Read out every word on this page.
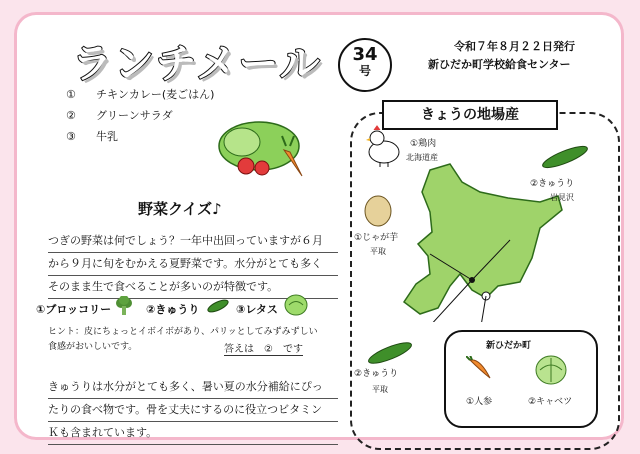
ランチメール	34
号
令和７年８月２２日発行
新ひだか町学校給食センター
① チキンカレー(麦ごはん)
② グリーンサラダ
③ 牛乳
野菜クイズ♪
つぎの野菜は何でしょう？一年中出回っていますが６月
から９月に旬をむかえる夏野菜です。水分がとても多く
そのまま生で食べることが多いのが特徴です。
①ブロッコリー	②きゅうり	③レタス
ヒント：皮にちょっとイボイボがあり、パリッとしてみずみずしい
食感がおいしいです。	答えは　②　です
きゅうりは水分がとても多く、暑い夏の水分補給にぴっ
たりの食べ物です。骨を丈夫にするのに役立つビタミン
Ｋも含まれています。
きょうの地場産
①鶏肉
北海道産
②きゅうり
岩見沢
①じゃが芋
平取
②きゅうり
平取
新ひだか町
①人参	②キャベツ
